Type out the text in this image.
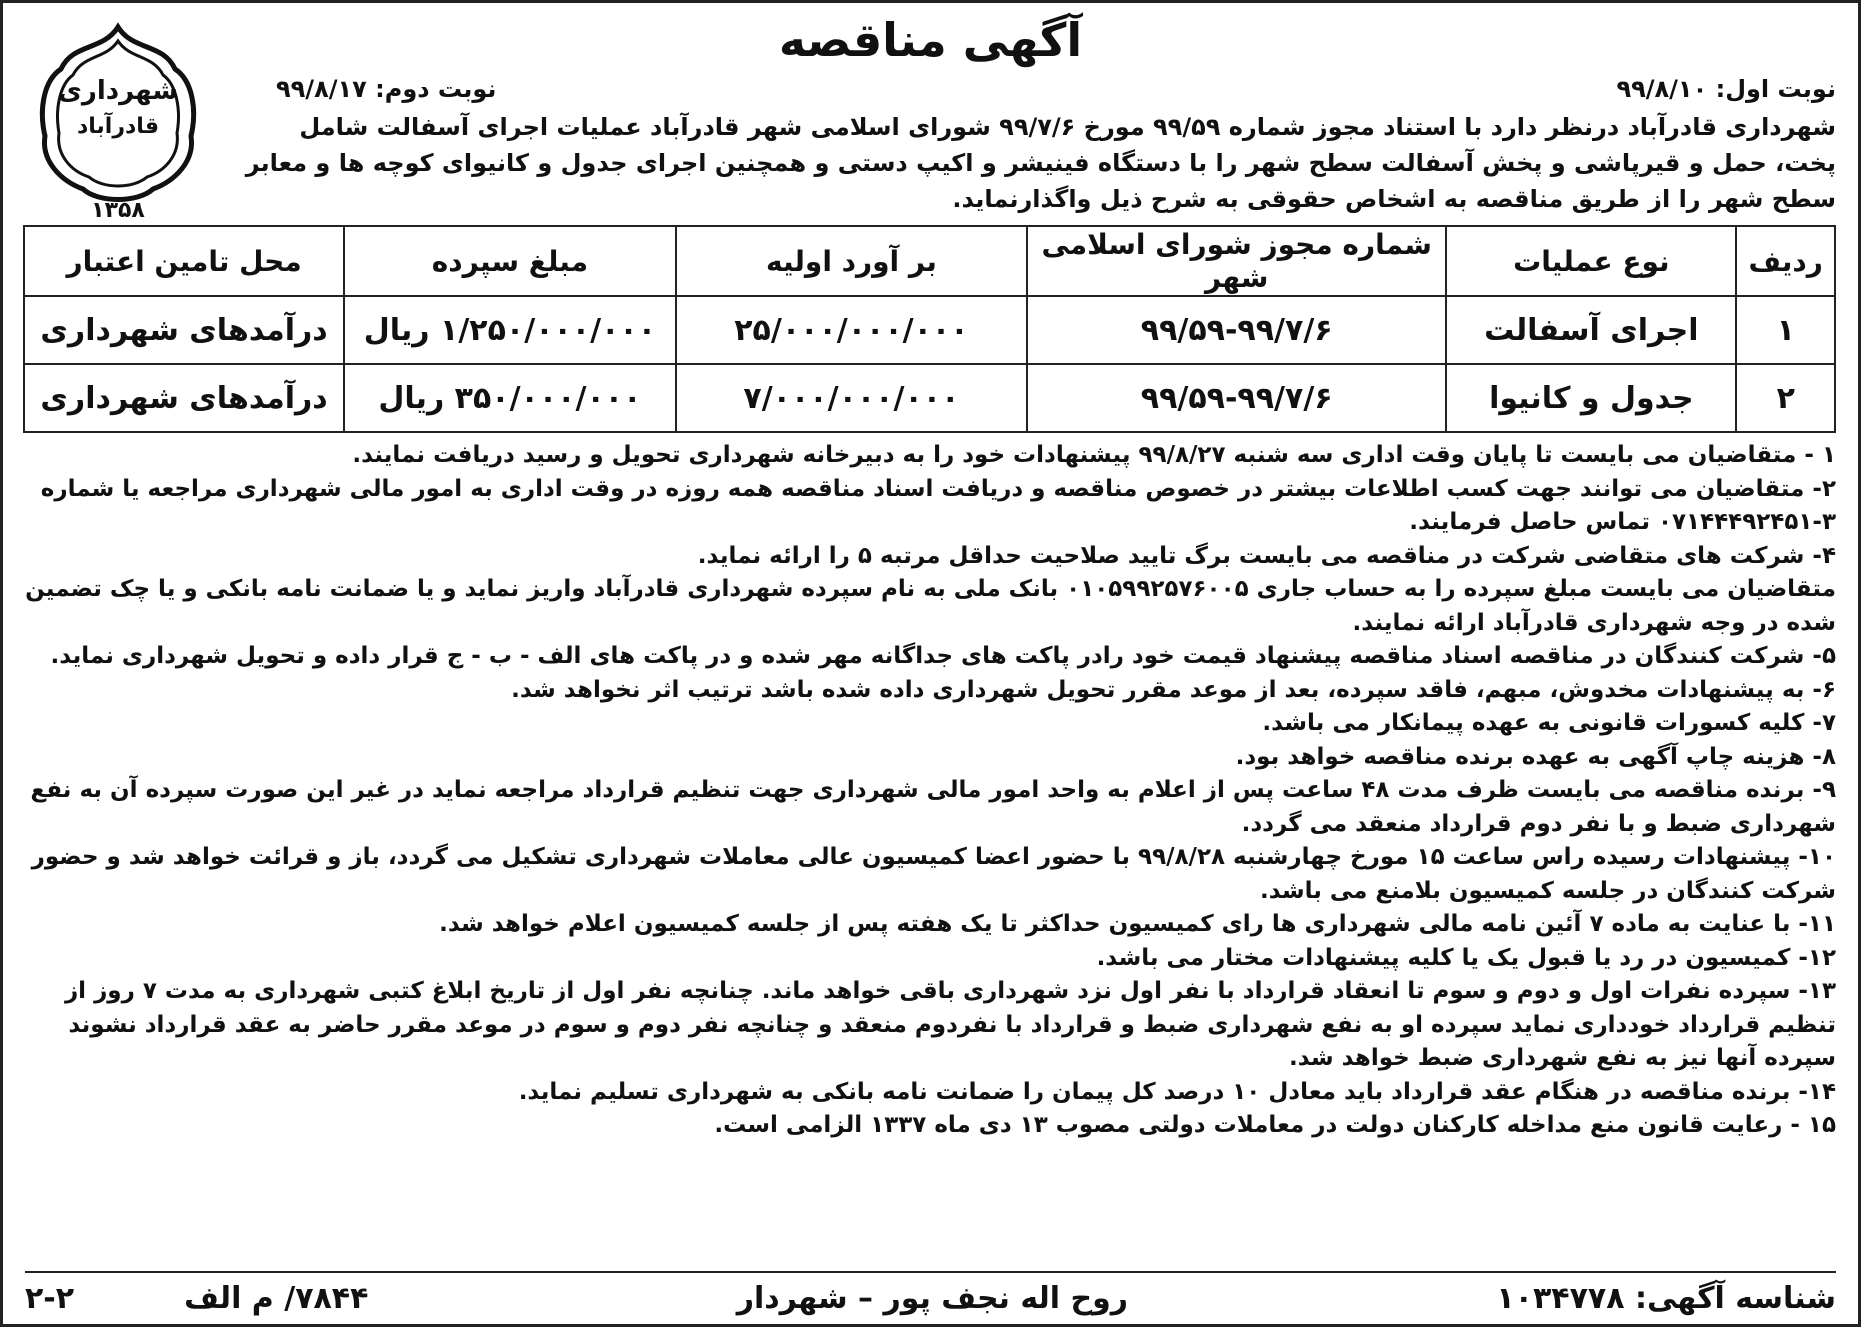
شهرداری
قادرآباد
۱۳۵۸
آگهی مناقصه
نوبت اول: ۹۹/۸/۱۰
نوبت دوم: ۹۹/۸/۱۷

شهرداری قادرآباد درنظر دارد با استناد مجوز شماره ۹۹/۵۹ مورخ ۹۹/۷/۶ شورای اسلامی شهر قادرآباد عملیات اجرای آسفالت شامل پخت، حمل و قیرپاشی و پخش آسفالت سطح شهر را با دستگاه فینیشر و اکیپ دستی و همچنین اجرای جدول و کانیوای کوچه ها و معابر سطح شهر را از طریق مناقصه به اشخاص حقوقی به شرح ذیل واگذارنماید.

ردیف	نوع عملیات	شماره مجوز شورای اسلامی شهر	بر آورد اولیه	مبلغ سپرده	محل تامین اعتبار
۱	اجرای آسفالت	۹۹/۵۹-۹۹/۷/۶	۲۵/۰۰۰/۰۰۰/۰۰۰	۱/۲۵۰/۰۰۰/۰۰۰ ریال	درآمدهای شهرداری
۲	جدول و کانیوا	۹۹/۵۹-۹۹/۷/۶	۷/۰۰۰/۰۰۰/۰۰۰	۳۵۰/۰۰۰/۰۰۰ ریال	درآمدهای شهرداری
۱ - متقاضیان می بایست تا پایان وقت اداری سه شنبه ۹۹/۸/۲۷ پیشنهادات خود را به دبیرخانه شهرداری تحویل و رسید دریافت نمایند.
۲- متقاضیان می توانند جهت کسب اطلاعات بیشتر در خصوص مناقصه و دریافت اسناد مناقصه همه روزه در وقت اداری به امور مالی شهرداری مراجعه یا شماره ۳-۰۷۱۴۴۴۹۲۴۵۱ تماس حاصل فرمایند.
۴- شرکت های متقاضی شرکت در مناقصه می بایست برگ تایید صلاحیت حداقل مرتبه ۵ را ارائه نماید.
متقاضیان می بایست مبلغ سپرده را به حساب جاری ۰۱۰۵۹۹۲۵۷۶۰۰۵ بانک ملی به نام سپرده شهرداری قادرآباد واریز نماید و یا ضمانت نامه بانکی و یا چک تضمین شده در وجه شهرداری قادرآباد ارائه نمایند.
۵- شرکت کنندگان در مناقصه اسناد مناقصه پیشنهاد قیمت خود رادر پاکت های جداگانه مهر شده و در پاکت های الف - ب - ج قرار داده و تحویل شهرداری نماید.
۶- به پیشنهادات مخدوش، مبهم، فاقد سپرده، بعد از موعد مقرر تحویل شهرداری داده شده باشد ترتیب اثر نخواهد شد.
۷- کلیه کسورات قانونی به عهده پیمانکار می باشد.
۸- هزینه چاپ آگهی به عهده برنده مناقصه خواهد بود.
۹- برنده مناقصه می بایست ظرف مدت ۴۸ ساعت پس از اعلام به واحد امور مالی شهرداری جهت تنظیم قرارداد مراجعه نماید در غیر این صورت سپرده آن به نفع شهرداری ضبط و با نفر دوم قرارداد منعقد می گردد.
۱۰- پیشنهادات رسیده راس ساعت ۱۵ مورخ چهارشنبه ۹۹/۸/۲۸ با حضور اعضا کمیسیون عالی معاملات شهرداری تشکیل می گردد، باز و قرائت خواهد شد و حضور شرکت کنندگان در جلسه کمیسیون بلامنع می باشد.
۱۱- با عنایت به ماده ۷ آئین نامه مالی شهرداری ها رای کمیسیون حداکثر تا یک هفته پس از جلسه کمیسیون اعلام خواهد شد.
۱۲- کمیسیون در رد یا قبول یک یا کلیه پیشنهادات مختار می باشد.
۱۳- سپرده نفرات اول و دوم و سوم تا انعقاد قرارداد با نفر اول نزد شهرداری باقی خواهد ماند. چنانچه نفر اول از تاریخ ابلاغ کتبی شهرداری به مدت ۷ روز از تنظیم قرارداد خودداری نماید سپرده او به نفع شهرداری ضبط و قرارداد با نفردوم منعقد و چنانچه نفر دوم و سوم در موعد مقرر حاضر به عقد قرارداد نشوند سپرده آنها نیز به نفع شهرداری ضبط خواهد شد.
۱۴- برنده مناقصه در هنگام عقد قرارداد باید معادل ۱۰ درصد کل پیمان را ضمانت نامه بانکی به شهرداری تسلیم نماید.
۱۵ - رعایت قانون منع مداخله کارکنان دولت در معاملات دولتی مصوب ۱۳ دی ماه ۱۳۳۷ الزامی است.
شناسه آگهی: ۱۰۳۴۷۷۸
روح اله نجف پور – شهردار
۷۸۴۴/ م الف
۲-۲
